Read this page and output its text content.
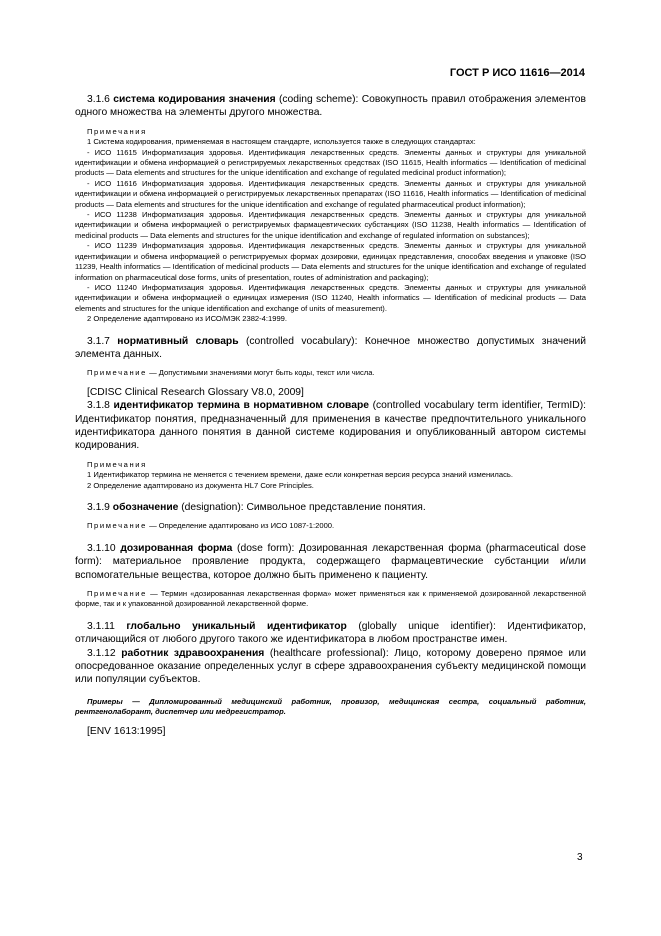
ГОСТ Р ИСО 11616—2014

3.1.6 система кодирования значения (coding scheme): Совокупность правил отображения элементов одного множества на элементы другого множества.

Примечания

1 Система кодирования, применяемая в настоящем стандарте, используется также в следующих стандартах:

- ИСО 11615 Информатизация здоровья. Идентификация лекарственных средств. Элементы данных и структуры для уникальной идентификации и обмена информацией о регистрируемых лекарственных средствах (ISO 11615, Health informatics — Identification of medicinal products — Data elements and structures for the unique identification and exchange of regulated medicinal product information);

- ИСО 11616 Информатизация здоровья. Идентификация лекарственных средств. Элементы данных и структуры для уникальной идентификации и обмена информацией о регистрируемых лекарственных препаратах (ISO 11616, Health informatics — Identification of medicinal products — Data elements and structures for the unique identification and exchange of regulated pharmaceutical product information);

- ИСО 11238 Информатизация здоровья. Идентификация лекарственных средств. Элементы данных и структуры для уникальной идентификации и обмена информацией о регистрируемых фармацевтических субстанциях (ISO 11238, Health informatics — Identification of medicinal products — Data elements and structures for the unique identification and exchange of regulated information on substances);

- ИСО 11239 Информатизация здоровья. Идентификация лекарственных средств. Элементы данных и структуры для уникальной идентификации и обмена информацией о регистрируемых формах дозировки, единицах представления, способах введения и упаковке (ISO 11239, Health informatics — Identification of medicinal products — Data elements and structures for the unique identification and exchange of regulated information on pharmaceutical dose forms, units of presentation, routes of administration and packaging);

- ИСО 11240 Информатизация здоровья. Идентификация лекарственных средств. Элементы данных и структуры для уникальной идентификации и обмена информацией о единицах измерения (ISO 11240, Health informatics — Identification of medicinal products — Data elements and structures for the unique identification and exchange of units of measurement).

2 Определение адаптировано из ИСО/МЭК 2382-4:1999.

3.1.7 нормативный словарь (controlled vocabulary): Конечное множество допустимых значений элемента данных.

Примечание — Допустимыми значениями могут быть коды, текст или числа.

[CDISC Clinical Research Glossary V8.0, 2009]

3.1.8 идентификатор термина в нормативном словаре (controlled vocabulary term identifier, TermID): Идентификатор понятия, предназначенный для применения в качестве предпочтительного уникального идентификатора данного понятия в данной системе кодирования и опубликованный автором системы кодирования.

Примечания

1 Идентификатор термина не меняется с течением времени, даже если конкретная версия ресурса знаний изменилась.

2 Определение адаптировано из документа HL7 Core Principles.

3.1.9 обозначение (designation): Символьное представление понятия.

Примечание — Определение адаптировано из ИСО 1087-1:2000.

3.1.10 дозированная форма (dose form): Дозированная лекарственная форма (pharmaceutical dose form): материальное проявление продукта, содержащего фармацевтические субстанции и/или вспомогательные вещества, которое должно быть применено к пациенту.

Примечание — Термин «дозированная лекарственная форма» может применяться как к применяемой дозированной лекарственной форме, так и к упакованной дозированной лекарственной форме.

3.1.11 глобально уникальный идентификатор (globally unique identifier): Идентификатор, отличающийся от любого другого такого же идентификатора в любом пространстве имен.

3.1.12 работник здравоохранения (healthcare professional): Лицо, которому доверено прямое или опосредованное оказание определенных услуг в сфере здравоохранения субъекту медицинской помощи или популяции субъектов.

Примеры — Дипломированный медицинский работник, провизор, медицинская сестра, социальный работник, рентгенолаборант, диспетчер или медрегистратор.

[ENV 1613:1995]

3
